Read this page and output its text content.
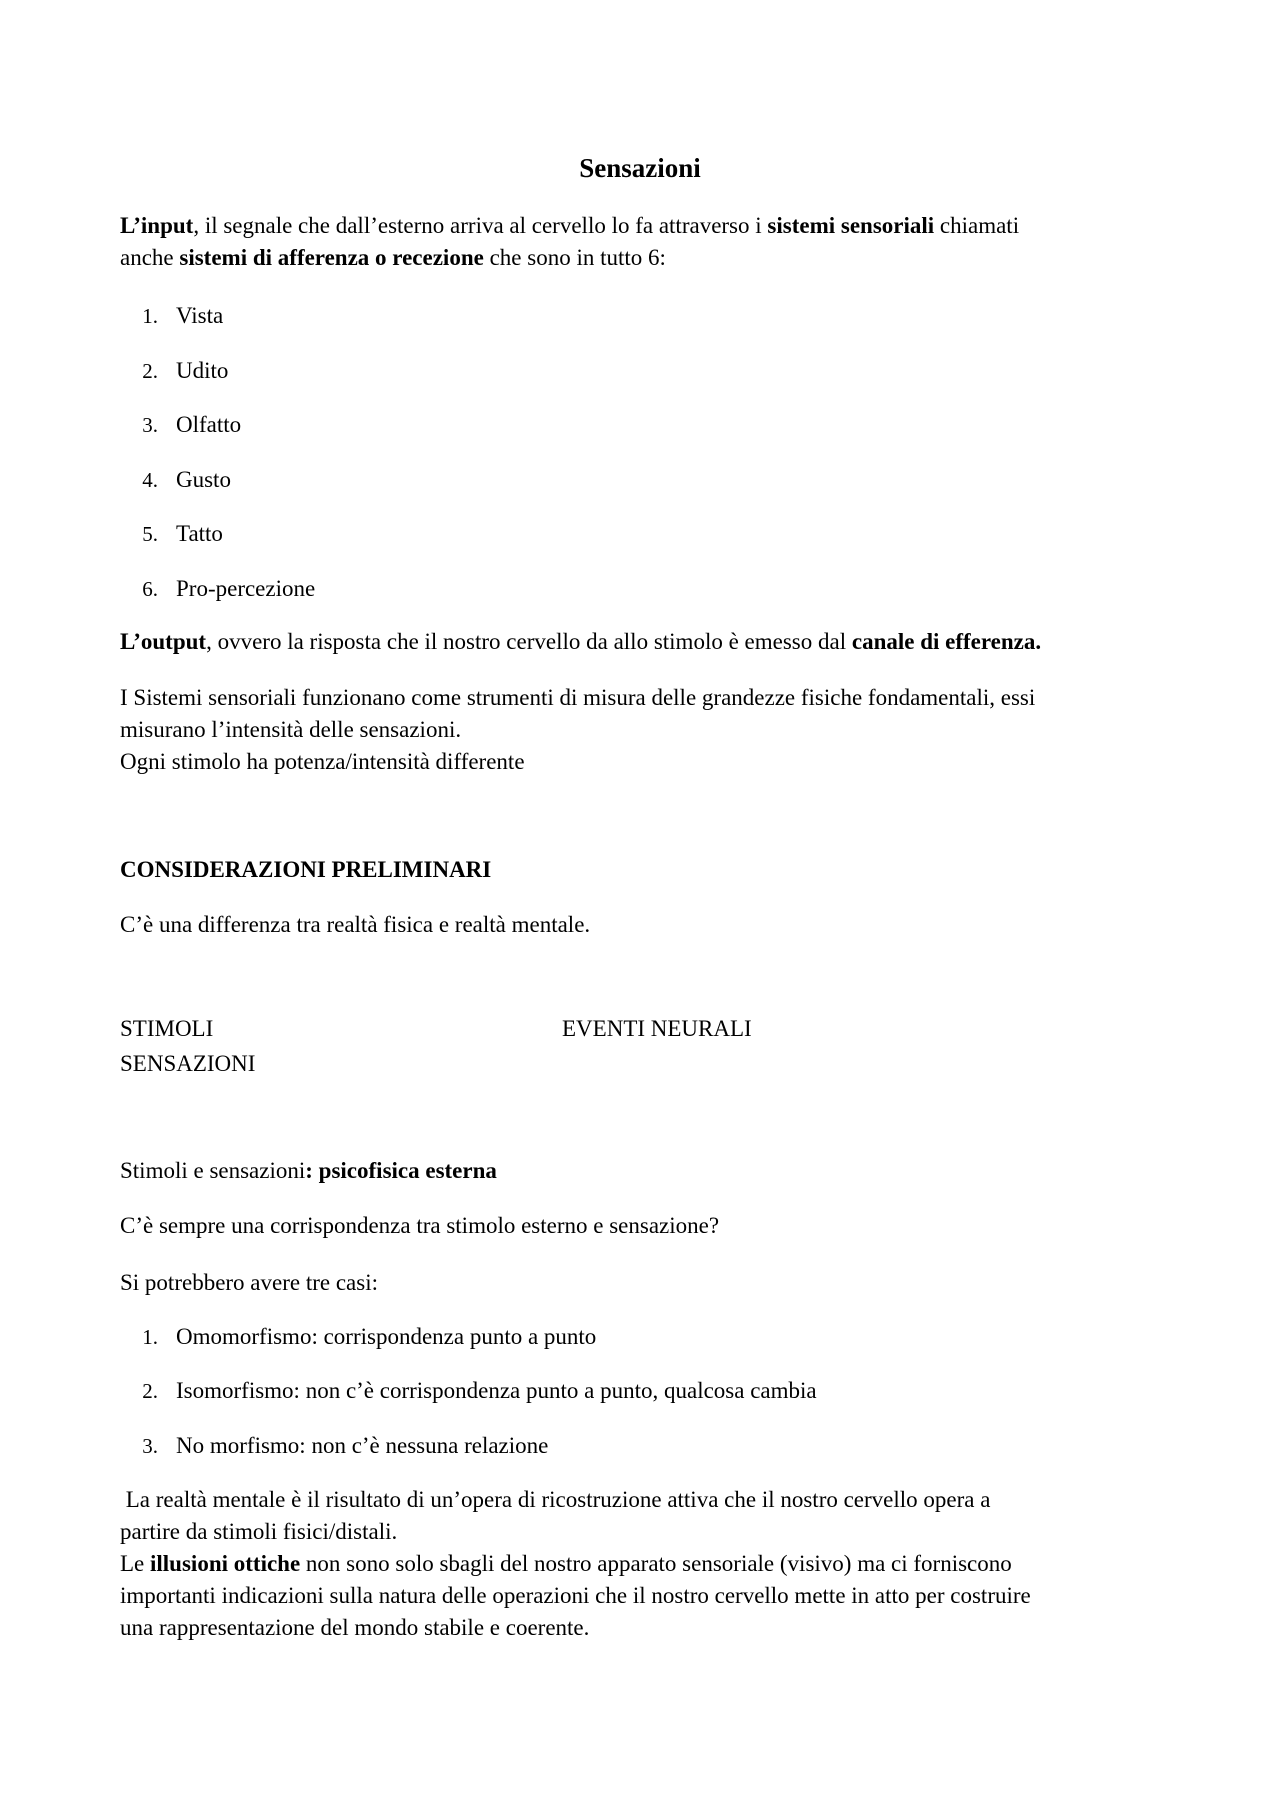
Sensazioni
L’input, il segnale che dall’esterno arriva al cervello lo fa attraverso i sistemi sensoriali chiamati
anche sistemi di afferenza o recezione che sono in tutto 6:
1. Vista
2. Udito
3. Olfatto
4. Gusto
5. Tatto
6. Pro-percezione
L’output, ovvero la risposta che il nostro cervello da allo stimolo è emesso dal canale di efferenza.
I Sistemi sensoriali funzionano come strumenti di misura delle grandezze fisiche fondamentali, essi
misurano l’intensità delle sensazioni.
Ogni stimolo ha potenza/intensità differente
CONSIDERAZIONI PRELIMINARI
C’è una differenza tra realtà fisica e realtà mentale.
STIMOLI	EVENTI NEURALI
SENSAZIONI
Stimoli e sensazioni: psicofisica esterna
C’è sempre una corrispondenza tra stimolo esterno e sensazione?
Si potrebbero avere tre casi:
1. Omomorfismo: corrispondenza punto a punto
2. Isomorfismo: non c’è corrispondenza punto a punto, qualcosa cambia
3. No morfismo: non c’è nessuna relazione
La realtà mentale è il risultato di un’opera di ricostruzione attiva che il nostro cervello opera a
partire da stimoli fisici/distali.
Le illusioni ottiche non sono solo sbagli del nostro apparato sensoriale (visivo) ma ci forniscono
importanti indicazioni sulla natura delle operazioni che il nostro cervello mette in atto per costruire
una rappresentazione del mondo stabile e coerente.
